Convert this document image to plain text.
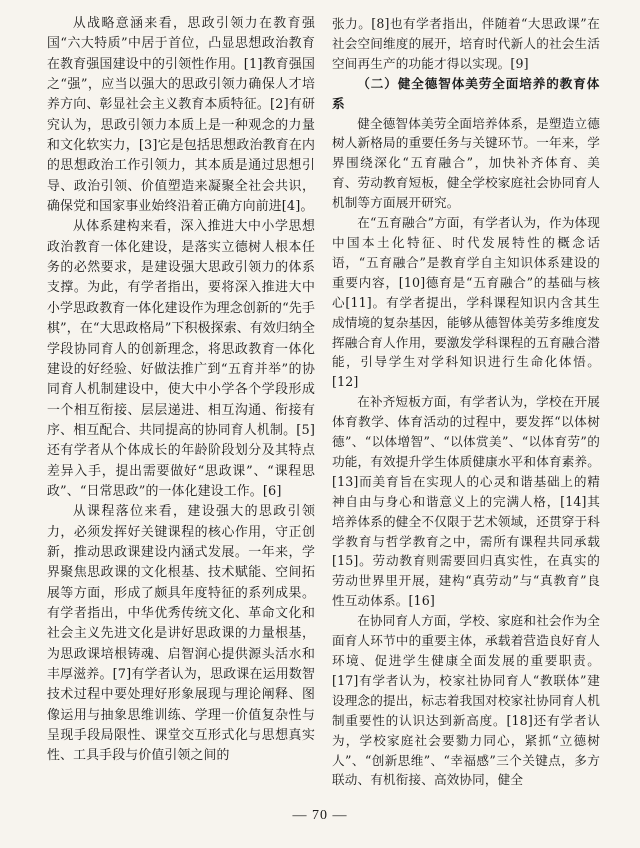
从战略意涵来看，思政引领力在教育强国“六大特质”中居于首位，凸显思想政治教育在教育强国建设中的引领性作用。[1]教育强国之“强”，应当以强大的思政引领力确保人才培养方向、彰显社会主义教育本质特征。[2]有研究认为，思政引领力本质上是一种观念的力量和文化软实力，[3]它是包括思想政治教育在内的思想政治工作引领力，其本质是通过思想引导、政治引领、价值塑造来凝聚全社会共识，确保党和国家事业始终沿着正确方向前进[4]。

从体系建构来看，深入推进大中小学思想政治教育一体化建设，是落实立德树人根本任务的必然要求，是建设强大思政引领力的体系支撑。为此，有学者指出，要将深入推进大中小学思政教育一体化建设作为理念创新的“先手棋”，在“大思政格局”下积极探索、有效归纳全学段协同育人的创新理念，将思政教育一体化建设的好经验、好做法推广到“五育并举”的协同育人机制建设中，使大中小学各个学段形成一个相互衔接、层层递进、相互沟通、衔接有序、相互配合、共同提高的协同育人机制。[5]还有学者从个体成长的年龄阶段划分及其特点差异入手，提出需要做好“思政课”、“课程思政”、“日常思政”的一体化建设工作。[6]

从课程落位来看，建设强大的思政引领力，必须发挥好关键课程的核心作用，守正创新，推动思政课建设内涵式发展。一年来，学界聚焦思政课的文化根基、技术赋能、空间拓展等方面，形成了颇具年度特征的系列成果。有学者指出，中华优秀传统文化、革命文化和社会主义先进文化是讲好思政课的力量根基，为思政课培根铸魂、启智润心提供源头活水和丰厚滋养。[7]有学者认为，思政课在运用数智技术过程中要处理好形象展现与理论阐释、图像运用与抽象思维训练、学理一价值复杂性与呈现手段局限性、课堂交互形式化与思想真实性、工具手段与价值引领之间的

张力。[8]也有学者指出，伴随着“大思政课”在社会空间维度的展开，培育时代新人的社会生活空间再生产的功能才得以实现。[9]

（二）健全德智体美劳全面培养的教育体系

健全德智体美劳全面培养体系，是塑造立德树人新格局的重要任务与关键环节。一年来，学界围绕深化“五育融合”，加快补齐体育、美育、劳动教育短板，健全学校家庭社会协同育人机制等方面展开研究。

在“五育融合”方面，有学者认为，作为体现中国本土化特征、时代发展特性的概念话语，“五育融合”是教育学自主知识体系建设的重要内容，[10]德育是“五育融合”的基础与核心[11]。有学者提出，学科课程知识内含其生成情境的复杂基因，能够从德智体美劳多维度发挥融合育人作用，要激发学科课程的五育融合潜能，引导学生对学科知识进行生命化体悟。[12]

在补齐短板方面，有学者认为，学校在开展体育教学、体育活动的过程中，要发挥“以体树德”、“以体增智”、“以体赏美”、“以体育劳”的功能，有效提升学生体质健康水平和体育素养。[13]而美育旨在实现人的心灵和谐基础上的精神自由与身心和谐意义上的完满人格，[14]其培养体系的健全不仅限于艺术领域，还贯穿于科学教育与哲学教育之中，需所有课程共同承载[15]。劳动教育则需要回归真实性，在真实的劳动世界里开展，建构“真劳动”与“真教育”良性互动体系。[16]

在协同育人方面，学校、家庭和社会作为全面育人环节中的重要主体，承载着营造良好育人环境、促进学生健康全面发展的重要职责。[17]有学者认为，校家社协同育人“教联体”建设理念的提出，标志着我国对校家社协同育人机制重要性的认识达到新高度。[18]还有学者认为，学校家庭社会要勠力同心，紧抓“立德树人”、“创新思维”、“幸福感”三个关键点，多方联动、有机衔接、高效协同，健全

— 70 —
